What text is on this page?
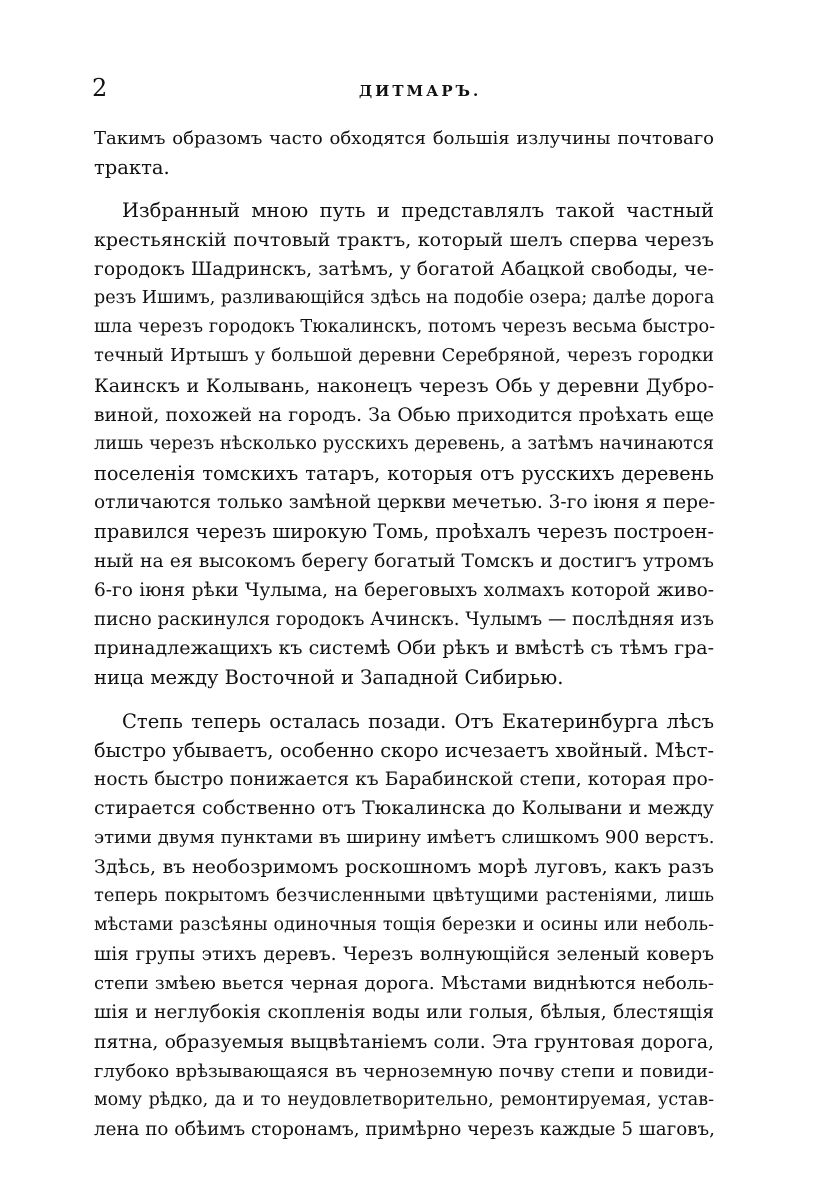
2	ДИТМАРЪ.
Такимъ образомъ часто обходятся большія излучины почтоваго
тракта.
Избранный мною путь и представлялъ такой частный
крестьянскій почтовый трактъ, который шелъ сперва черезъ
городокъ Шадринскъ, затѣмъ, у богатой Абацкой свободы, че-
резъ Ишимъ, разливающійся здѣсь на подобіе озера; далѣе дорога
шла черезъ городокъ Тюкалинскъ, потомъ черезъ весьма быстро-
течный Иртышъ у большой деревни Серебряной, черезъ городки
Каинскъ и Колывань, наконецъ черезъ Обь у деревни Дубро-
виной, похожей на городъ. За Обью приходится проѣхать еще
лишь черезъ нѣсколько русскихъ деревень, а затѣмъ начинаются
поселенія томскихъ татаръ, которыя отъ русскихъ деревень
отличаются только замѣной церкви мечетью. 3-го іюня я пере-
правился черезъ широкую Томь, проѣхалъ черезъ построен-
ный на ея высокомъ берегу богатый Томскъ и достигъ утромъ
6-го іюня рѣки Чулыма, на береговыхъ холмахъ которой живо-
писно раскинулся городокъ Ачинскъ. Чулымъ — послѣдняя изъ
принадлежащихъ къ системѣ Оби рѣкъ и вмѣстѣ съ тѣмъ гра-
ница между Восточной и Западной Сибирью.
Степь теперь осталась позади. Отъ Екатеринбурга лѣсъ
быстро убываетъ, особенно скоро исчезаетъ хвойный. Мѣст-
ность быстро понижается къ Барабинской степи, которая про-
стирается собственно отъ Тюкалинска до Колывани и между
этими двумя пунктами въ ширину имѣетъ слишкомъ 900 верстъ.
Здѣсь, въ необозримомъ роскошномъ морѣ луговъ, какъ разъ
теперь покрытомъ безчисленными цвѣтущими растеніями, лишь
мѣстами разсѣяны одиночныя тощія березки и осины или неболь-
шія групы этихъ деревъ. Черезъ волнующійся зеленый коверъ
степи змѣею вьется черная дорога. Мѣстами виднѣются неболь-
шія и неглубокія скопленія воды или голыя, бѣлыя, блестящія
пятна, образуемыя выцвѣтаніемъ соли. Эта грунтовая дорога,
глубоко врѣзывающаяся въ черноземную почву степи и повиди-
мому рѣдко, да и то неудовлетворительно, ремонтируемая, устав-
лена по обѣимъ сторонамъ, примѣрно черезъ каждые 5 шаговъ,
